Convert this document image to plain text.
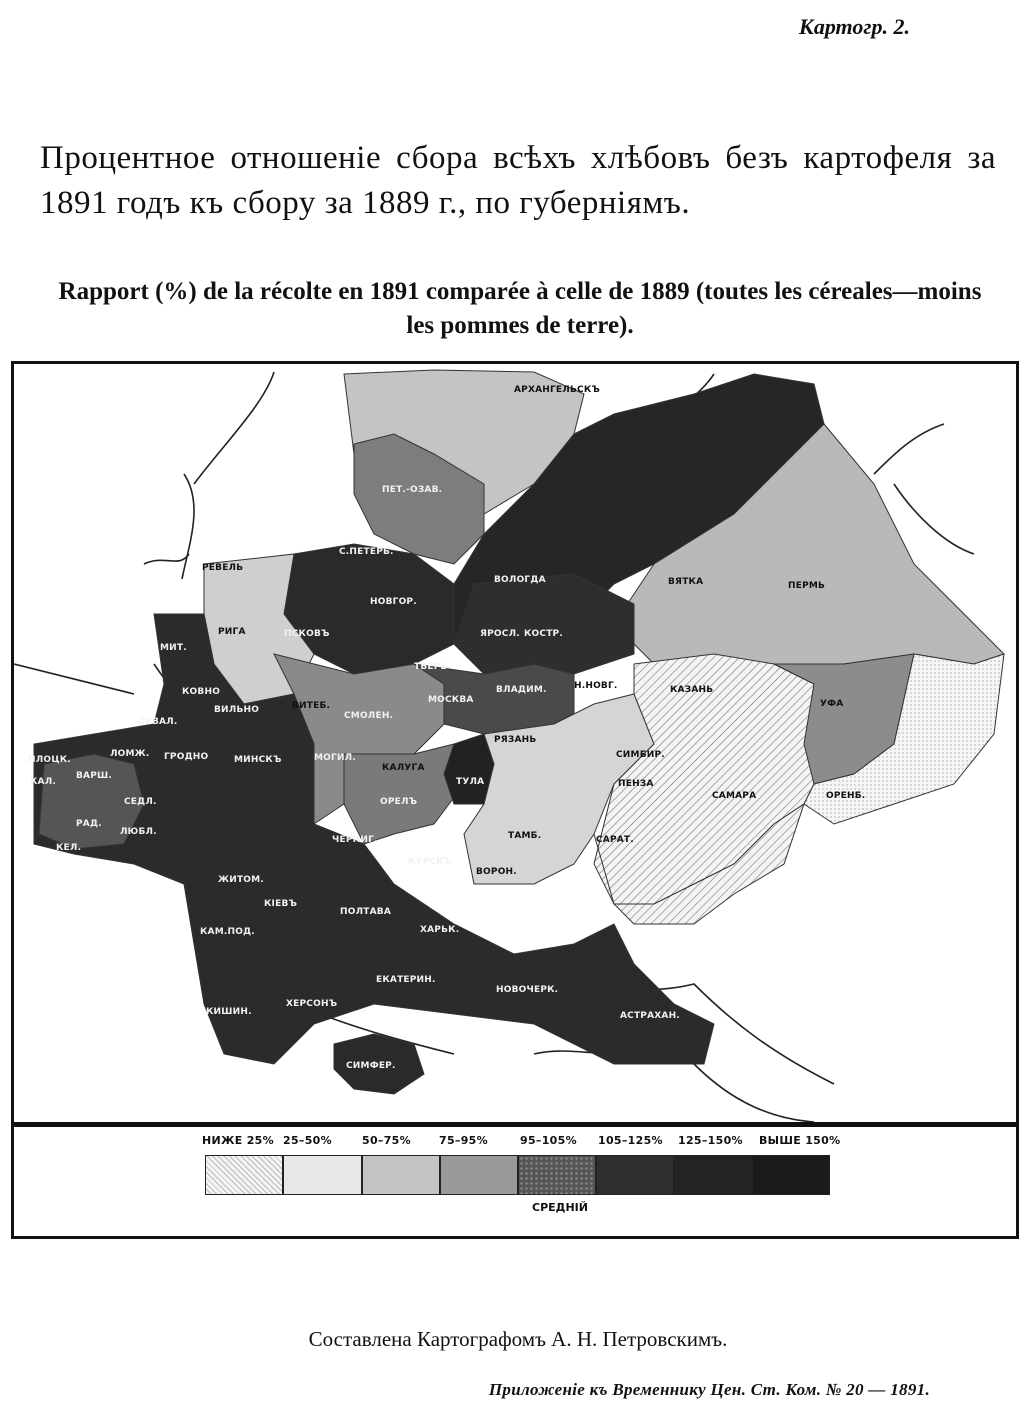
Картогр. 2.
Процентное отношеніе сбора всѣхъ хлѣбовъ безъ картофеля за 1891 годъ къ сбору за 1889 г., по губерніямъ.
Rapport (%) de la récolte en 1891 comparée à celle de 1889 (toutes les céreales—moins les pommes de terre).
АРХАНГЕЛЬСКЪ
ПЕТ.-ОЗАВ.
С.ПЕТЕРБ.
РЕВЕЛЬ
ВОЛОГДА	ВЯТКА	ПЕРМЬ
НОВГОР.
ПСКОВЪ
РИГА
МИТ.
ЯРОСЛ. КОСТР.
ТВЕРЬ
КОВНО
ВИЛЬНО	ВИТЕБ.
СМОЛЕН.
МОСКВА
ВЛАДИМ.	Н.НОВГ.	КАЗАНЬ
УФА
СУВАЛ.
ГРОДНО	МИНСКЪ	МОГИЛ.
КАЛУГА
ТУЛА
РЯЗАНЬ
СИМБИР.
ПЕНЗА
САМАРА	ОРЕНБ.
ОРЕЛЪ
ЧЕРНИГ.
КУРСКЪ
ТАМБ.	САРАТ.
ВОРОН.
ЖИТОМ.
КІЕВЪ
ПОЛТАВА
ХАРЬК.
КАМ.ПОД.
ЕКАТЕРИН.
КИШИН.
ХЕРСОНЪ
НОВОЧЕРК.
АСТРАХАН.
СИМФЕР.
КАЛ.
ВАРШ.
РАД.
КЕЛ.
ПЛОЦК.
ЛОМЖ.
СЕДЛ.
ЛЮБЛ.
НИЖЕ 25% 25–50%	50–75%	75–95%	95–105% 105–125% 125–150% ВЫШЕ 150%
СРЕДНІЙ
Составлена Картографомъ А. Н. Петровскимъ.
Приложеніе къ Временнику Цен. Ст. Ком. № 20 — 1891.
